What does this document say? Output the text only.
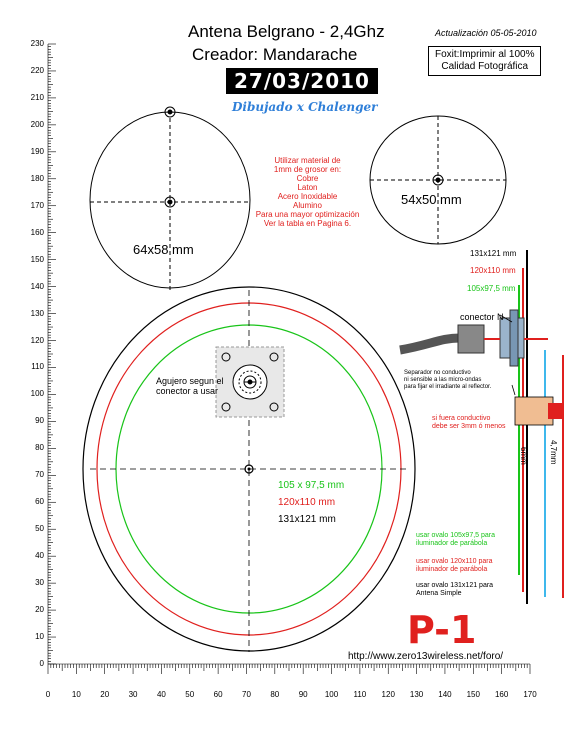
230
220
210
200
190
180
170
160
150
140
130
120
110
100
90
80
70
60
50
40
30
20
10
0
0	10	20	30	40	50	60	70	80	90	100	110	120	130	140	150	160	170
Antena Belgrano - 2,4Ghz
Creador: Mandarache
27/03/2010
Dibujado x Chalenger
Actualización 05-05-2010
Foxit:Imprimir al 100%
Calidad Fotográfica
64x58 mm
54x50 mm
Utilizar material de
1mm de grosor en:
Cobre
Laton
Acero Inoxidable
Alumino
Para una mayor optimización
Ver la tabla en Pagina 6.
105 x 97,5 mm
120x110 mm
131x121 mm
Agujero segun el
conector a usar
131x121 mm
120x110 mm
105x97,5 mm
conector N
Separador no conductivo
ni sensible a las micro-ondas
para fijar el irradiante al reflector.
si fuera conductivo
debe ser 3mm ó menos
6mm	4,7mm
usar ovalo 105x97,5 para
iluminador de parábola
usar ovalo 120x110 para
iluminador de parábola
usar ovalo 131x121 para
Antena Simple
P-1
http://www.zero13wireless.net/foro/
